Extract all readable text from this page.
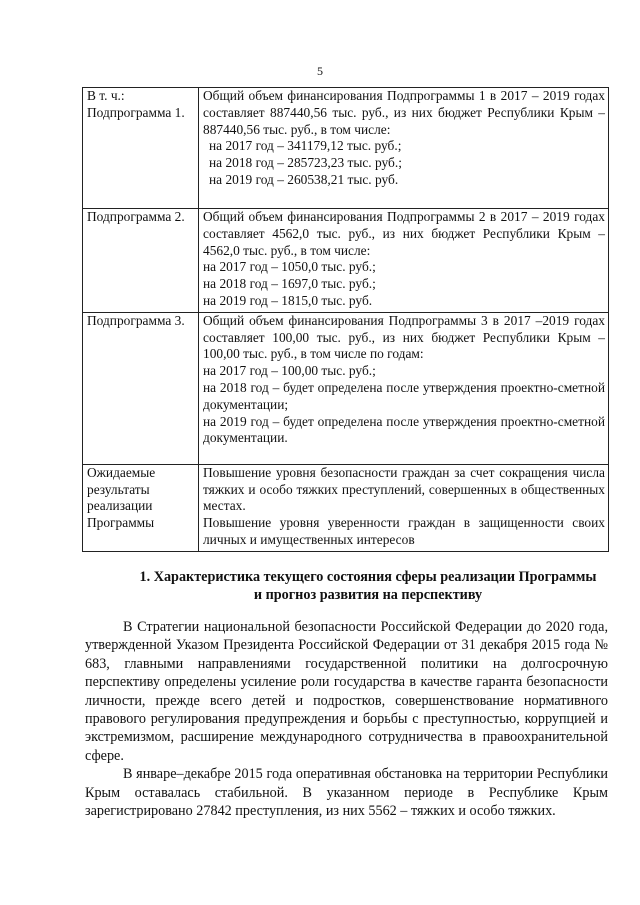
5
В т. ч.:
Подпрограмма 1.	Общий объем финансирования Подпрограммы 1 в 2017 – 2019 годах составляет 887440,56 тыс. руб., из них бюджет Республики Крым – 887440,56 тыс. руб., в том числе:
на 2017 год – 341179,12 тыс. руб.;
на 2018 год – 285723,23 тыс. руб.;
на 2019 год – 260538,21 тыс. руб.

Подпрограмма 2.	Общий объем финансирования Подпрограммы 2 в 2017 – 2019 годах составляет 4562,0 тыс. руб., из них бюджет Республики Крым – 4562,0 тыс. руб., в том числе:
на 2017 год – 1050,0 тыс. руб.;
на 2018 год – 1697,0 тыс. руб.;
на 2019 год – 1815,0 тыс. руб.

Подпрограмма 3.	Общий объем финансирования Подпрограммы 3 в 2017 –2019 годах составляет 100,00 тыс. руб., из них бюджет Республики Крым – 100,00 тыс. руб., в том числе по годам:
на 2017 год – 100,00 тыс. руб.;
на 2018 год – будет определена после утверждения проектно-сметной документации;
на 2019 год – будет определена после утверждения проектно-сметной документации.

Ожидаемые результаты реализации Программы	Повышение уровня безопасности граждан за счет сокращения числа тяжких и особо тяжких преступлений, совершенных в общественных местах.
Повышение уровня уверенности граждан в защищенности своих личных и имущественных интересов
1. Характеристика текущего состояния сферы реализации Программы
и прогноз развития на перспективу

В Стратегии национальной безопасности Российской Федерации до 2020 года, утвержденной Указом Президента Российской Федерации от 31 декабря 2015 года № 683, главными направлениями государственной политики на долгосрочную перспективу определены усиление роли государства в качестве гаранта безопасности личности, прежде всего детей и подростков, совершенствование нормативного правового регулирования предупреждения и борьбы с преступностью, коррупцией и экстремизмом, расширение международного сотрудничества в правоохранительной сфере.

В январе–декабре 2015 года оперативная обстановка на территории Республики Крым оставалась стабильной. В указанном периоде в Республике Крым зарегистрировано 27842 преступления, из них 5562 – тяжких и особо тяжких.
